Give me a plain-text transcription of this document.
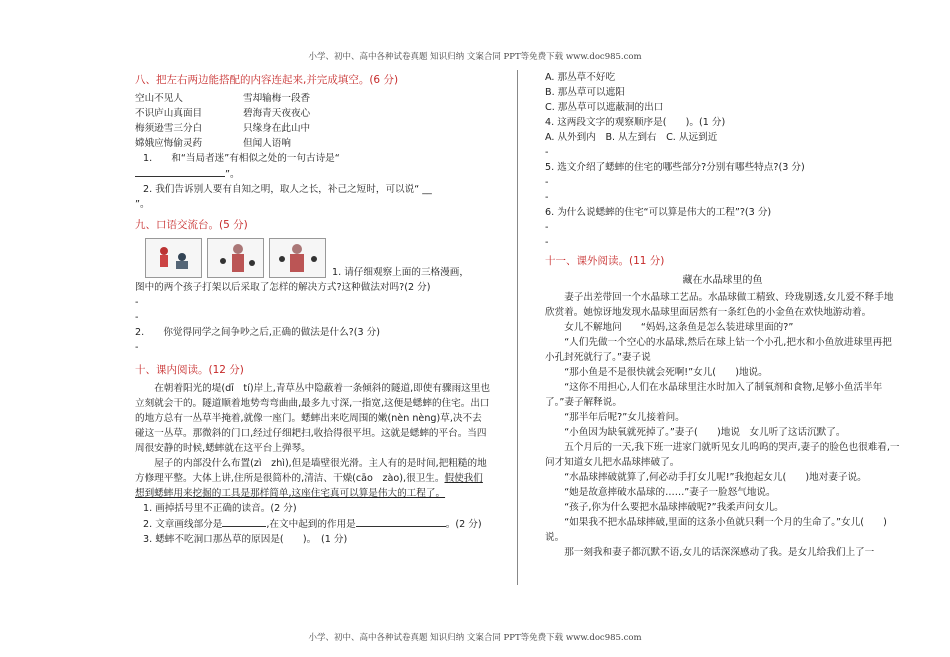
小学、初中、高中各种试卷真题 知识归纳 文案合同 PPT等免费下载 www.doc985.com
八、把左右两边能搭配的内容连起来,并完成填空。(6 分)
空山不见人	雪却输梅一段香
不识庐山真面目	碧海青天夜夜心
梅须逊雪三分白	只缘身在此山中
嫦娥应悔偷灵药	但闻人语响

1.　　和“当局者迷”有相似之处的一句古诗是“

”。

2. 我们告诉别人要有自知之明，取人之长，补己之短时，可以说“ __

”。

九、口语交流台。(5 分)
1. 请仔细观察上面的三格漫画，

图中的两个孩子打架以后采取了怎样的解决方式?这种做法对吗?(2 分)

-

-

2.　　你觉得同学之间争吵之后,正确的做法是什么?(3 分)

-

十、课内阅读。(12 分)

在朝着阳光的堤(dī　tí)岸上,青草丛中隐蔽着一条倾斜的隧道,即使有骤雨这里也立刻就会干的。隧道顺着地势弯弯曲曲,最多九寸深,一指宽,这便是蟋蟀的住宅。出口的地方总有一丛草半掩着,就像一座门。蟋蟀出来吃周围的嫩(nèn nèng)草,决不去碰这一丛草。那微斜的门口,经过仔细耙扫,收拾得很平坦。这就是蟋蟀的平台。当四周很安静的时候,蟋蟀就在这平台上弹琴。

屋子的内部没什么布置(zì　zhì),但是墙壁很光滑。主人有的是时间,把粗糙的地方修理平整。大体上讲,住所是很简朴的,清洁、干燥(cāo　zào),很卫生。假使我们想到蟋蟀用来挖掘的工具是那样简单,这座住宅真可以算是伟大的工程了。

1. 画掉括号里不正确的读音。(2 分)

2. 文章画线部分是	,在文中起到的作用是	。(2 分)

3. 蟋蟀不吃洞口那丛草的原因是(　　)。　(1 分)

A. 那丛草不好吃

B. 那丛草可以遮阳

C. 那丛草可以遮蔽洞的出口

4. 这两段文字的观察顺序是(　　)。(1 分)

A. 从外到内　B. 从左到右　C. 从远到近

-

5. 选文介绍了蟋蟀的住宅的哪些部分?分别有哪些特点?(3 分)

-

-

6. 为什么说蟋蟀的住宅“可以算是伟大的工程”?(3 分)

-

-

十一、课外阅读。(11 分)
藏在水晶球里的鱼

妻子出差带回一个水晶球工艺品。水晶球做工精致、玲珑剔透,女儿爱不释手地欣赏着。她惊讶地发现水晶球里面居然有一条红色的小金鱼在欢快地游动着。

女儿不解地问　　“妈妈,这条鱼是怎么装进球里面的?”

“人们先做一个空心的水晶球,然后在球上钻一个小孔,把水和小鱼放进球里再把小孔封死就行了。”妻子说

“那小鱼是不是很快就会死啊!”女儿(　　)地说。

“这你不用担心,人们在水晶球里注水时加入了制氧剂和食物,足够小鱼活半年了。”妻子解释说。

“那半年后呢?”女儿接着问。

“小鱼因为缺氧就死掉了。”妻子(　　)地说　女儿听了这话沉默了。

五个月后的一天,我下班一进家门就听见女儿呜呜的哭声,妻子的脸色也很难看,一问才知道女儿把水晶球摔破了。

“水晶球摔破就算了,何必动手打女儿呢!”我抱起女儿(　　)地对妻子说。

“她是故意摔破水晶球的……”妻子一脸怒气地说。

“孩子,你为什么要把水晶球摔破呢?”我柔声问女儿。

“如果我不把水晶球摔破,里面的这条小鱼就只剩一个月的生命了。”女儿(　　)说。

那一刻我和妻子都沉默不语,女儿的话深深感动了我。是女儿给我们上了一

小学、初中、高中各种试卷真题 知识归纳 文案合同 PPT等免费下载 www.doc985.com
